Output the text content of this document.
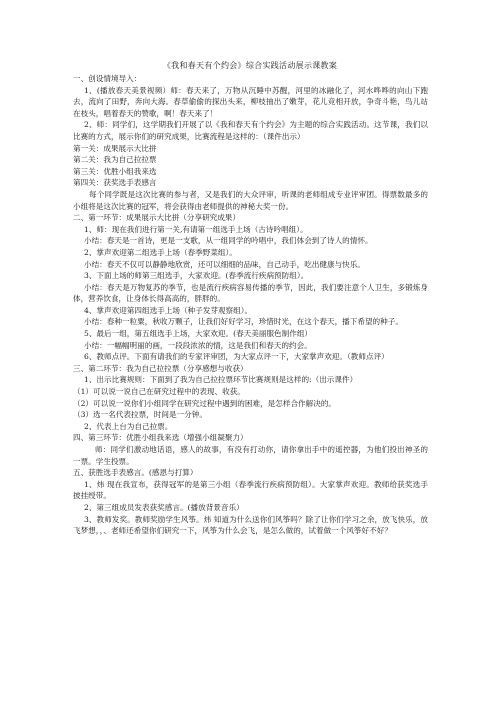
《我和春天有个约会》综合实践活动展示课教案

一、创设情境导入：

1、(播放春天美景视频）师：春天来了，万物从沉睡中苏醒，河里的冰融化了，河水哗哗的向山下跑去，流向了田野，奔向大海。春草偷偷的探出头来，柳枝抽出了嫩芽，花儿竞相开放，争奇斗艳，鸟儿站在枝头，唱着春天的赞歌，啊！春天来了！

2、师：同学们，这学期我们开展了以《我和春天有个约会》为主题的综合实践活动。这节课，我们以比赛的方式，展示你们的研究成果，比赛流程是这样的：（课件出示）

第一关：成果展示大比拼

第二关：我为自己拉拉票

第三关：优胜小组我来选

第四关：获奖选手表感言

每个同学既是这次比赛的参与者，又是我们的大众评审，听课的老师组成专业评审团。得票数最多的小组将是这次比赛的冠军，将会获得由老师提供的神秘大奖一份。

二、第一环节：成果展示大比拼（分享研究成果）

1、师：现在我们进行第一关,有请第一组选手上场（古诗吟唱组）。

小结：春天是一首诗，更是一支歌，从一组同学的吟唱中，我们体会到了诗人的情怀。

2、掌声欢迎第二组选手上场（春季野菜组）。

小结：春天不仅可以静静地欣赏，还可以细细的品味，自己动手，吃出健康与快乐。

3、下面上场的师第三组选手，大家欢迎。(春季流行疾病预防组）。

小结：春天是万物复苏的季节，也是流行疾病容易传播的季节，因此，我们要注意个人卫生，多锻炼身体，营养饮食，让身体长得高高的，胖胖的。

4、掌声欢迎第四组选手上场（种子发芽观察组）。

小结：春种一粒粟，秋收万颗子，让我们好好学习，珍惜时光，在这个春天，播下希望的种子。

5、最后一组，第五组选手上场，大家欢迎。(春天美丽服色制作组）

小结：一幅幅明丽的画，一段段浓浓的情，这是我们和春天的约会。

6、教师点评。下面有请我们的专家评审团，为大家点评一下，大家掌声欢迎。（教师点评）

三、第二环节：我为自己拉拉票（分享感想与收获）

1、出示比赛规则：下面到了我为自己拉拉票环节比赛规则是这样的:（出示课件）

（1）可以说一说自己在研究过程中的表现、收获。

（2）可以说一说你们小组同学在研究过程中遇到的困难，是怎样合作解决的。

（3）选一名代表拉票，时间是一分钟。

2、代表上台为自己拉票。

四、第三环节：优胜小组我来选（增强小组凝聚力）

师：同学们激动地话语，感人的故事，有没有打动你，请你拿出手中的遥控器，为他们投出神圣的一票。学生投票。

五、获胜选手表感言。(感恩与打算）

1、炜 现在我宣布，获得冠军的是第三小组（春季流行疾病预防组）。大家掌声欢迎。教师给获奖选手披挂绶带。

2、第三组成员发表获奖感言。(播放背景音乐）

3、教师发奖。教师奖励学生风筝。炜 知道为什么送你们风筝吗？除了让你们学习之余，放飞快乐，放飞梦想，，、老师还希望你们研究一下，风筝为什么会飞，是怎么做的，试着做一个风筝好不好？
